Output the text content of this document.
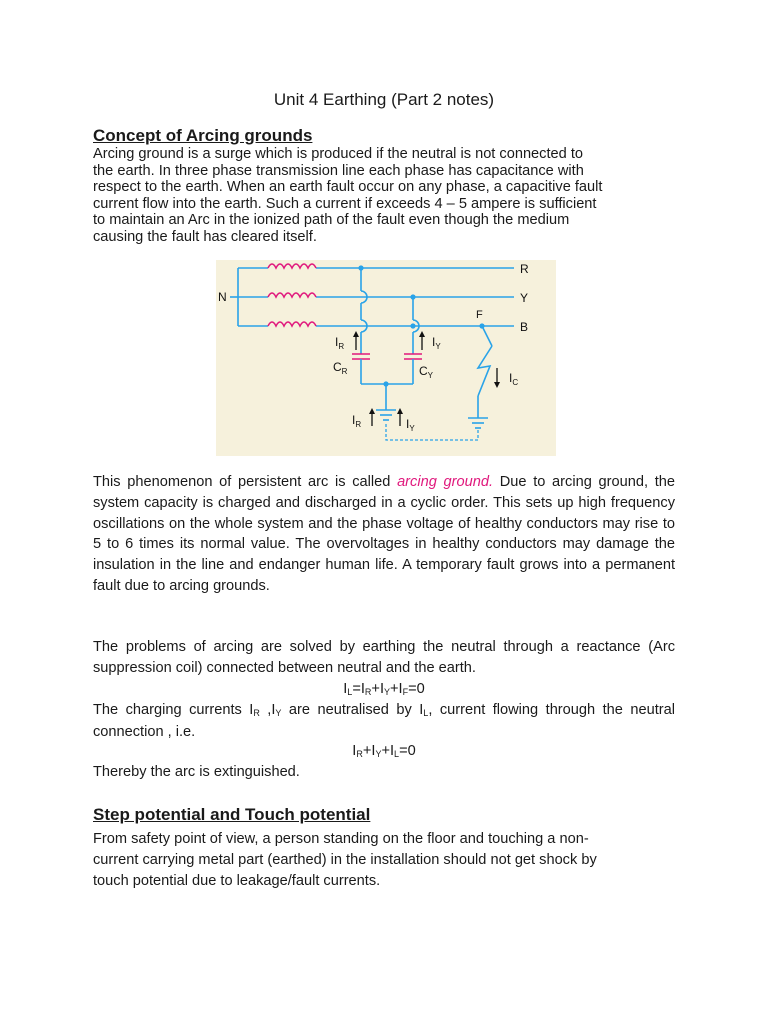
Unit 4 Earthing (Part 2 notes)
Concept of Arcing grounds
Arcing ground is a surge which is produced if the neutral is not connected to
the earth. In three phase transmission line each phase has capacitance with
respect to the earth. When an earth fault occur on any phase, a capacitive fault
current flow into the earth. Such a current if exceeds 4 – 5 ampere is sufficient
to maintain an Arc in the ionized path of the fault even though the medium
causing the fault has cleared itself.
R
Y
B
N
F
$I_R$	$I_Y$
$C_R$	$C_Y$	$I_C$
$I_R$	$I_Y$
This phenomenon of persistent arc is called arcing ground. Due to arcing ground, the system capacity is charged and discharged in a cyclic order. This sets up high frequency oscillations on the whole system and the phase voltage of healthy conductors may rise to 5 to 6 times its normal value. The overvoltages in healthy conductors may damage the insulation in the line and endanger human life. A temporary fault grows into a permanent fault due to arcing grounds.
The problems of arcing are solved by earthing the neutral through a reactance (Arc suppression coil) connected between neutral and the earth.
$I_L=I_R+I_Y+I_F=0$
The charging currents $I_R$ $,I_Y$ are neutralised by $I_L$, current flowing through the neutral connection , i.e.
$I_R+I_Y+I_L=0$
Thereby the arc is extinguished.
Step potential and Touch potential
From safety point of view, a person standing on the floor and touching a non-
current carrying metal part (earthed) in the installation should not get shock by
touch potential due to leakage/fault currents.
